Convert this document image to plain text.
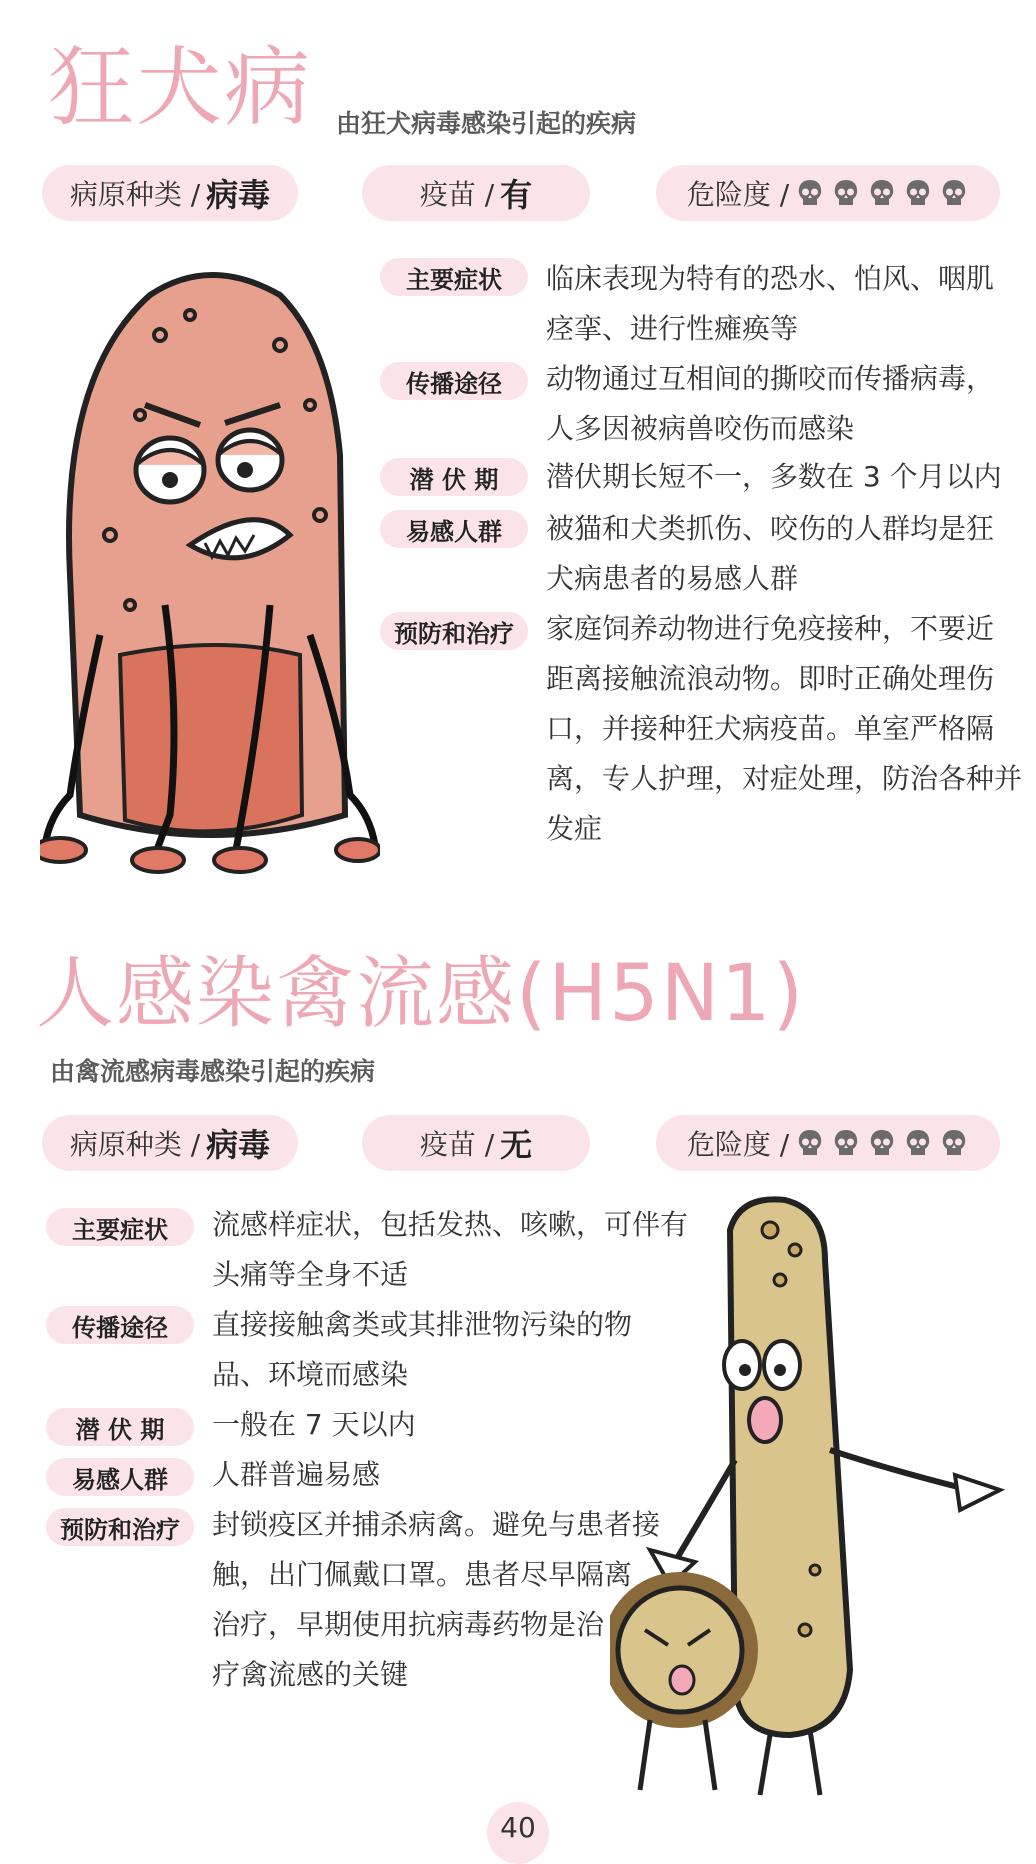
狂犬病 由狂犬病毒感染引起的疾病
病原种类 / 病毒	疫苗 / 有	危险度 /
主要症状	临床表现为特有的恐水、怕风、咽肌
痉挛、进行性瘫痪等
传播途径	动物通过互相间的撕咬而传播病毒，
人多因被病兽咬伤而感染
潜 伏 期	潜伏期长短不一，多数在 3 个月以内
易感人群	被猫和犬类抓伤、咬伤的人群均是狂
犬病患者的易感人群
预防和治疗	家庭饲养动物进行免疫接种，不要近
距离接触流浪动物。即时正确处理伤
口，并接种狂犬病疫苗。单室严格隔
离，专人护理，对症处理，防治各种并
发症
人感染禽流感(H5N1)
由禽流感病毒感染引起的疾病
病原种类 / 病毒	疫苗 / 无	危险度 /
主要症状	流感样症状，包括发热、咳嗽，可伴有
头痛等全身不适
传播途径	直接接触禽类或其排泄物污染的物
品、环境而感染
潜 伏 期	一般在 7 天以内
易感人群	人群普遍易感
预防和治疗	封锁疫区并捕杀病禽。避免与患者接
触，出门佩戴口罩。患者尽早隔离
治疗，早期使用抗病毒药物是治
疗禽流感的关键
40
